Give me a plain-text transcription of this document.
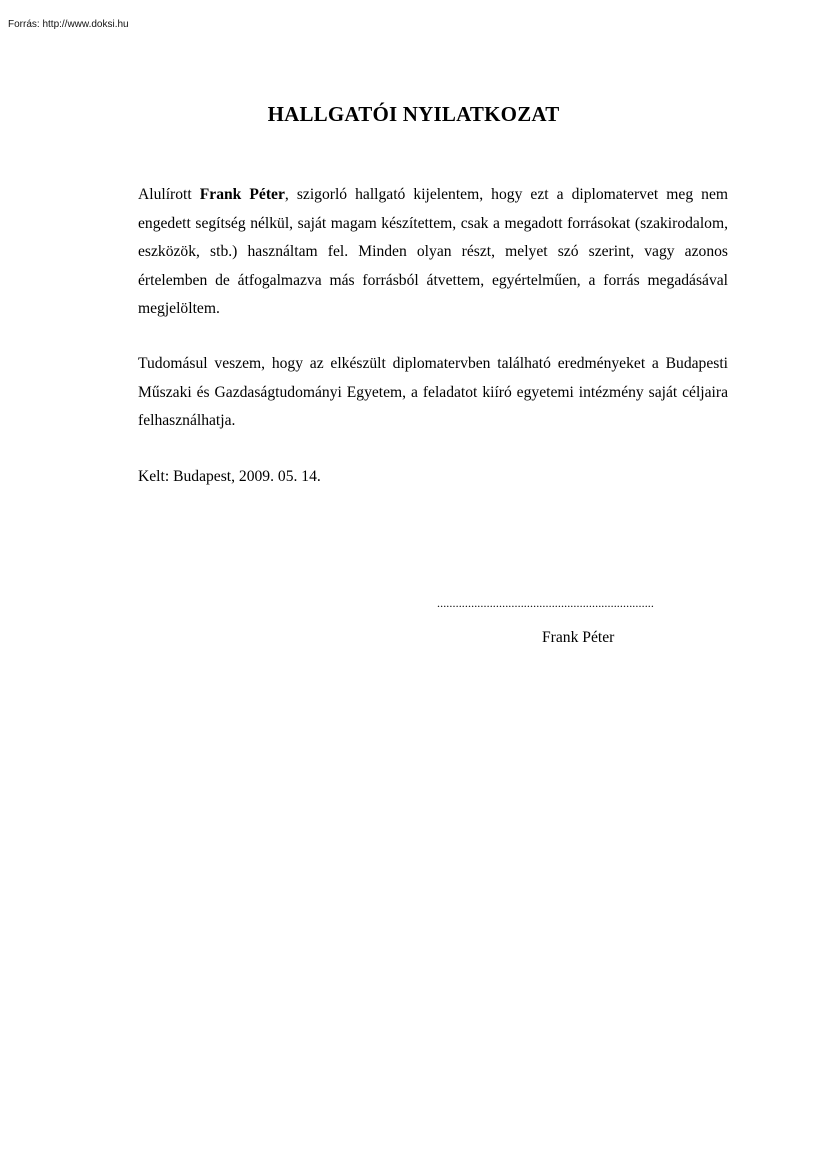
Forrás: http://www.doksi.hu
HALLGATÓI NYILATKOZAT
Alulírott Frank Péter, szigorló hallgató kijelentem, hogy ezt a diplomatervet meg nem engedett segítség nélkül, saját magam készítettem, csak a megadott forrásokat (szakirodalom, eszközök, stb.) használtam fel. Minden olyan részt, melyet szó szerint, vagy azonos értelemben de átfogalmazva más forrásból átvettem, egyértelműen, a forrás megadásával megjelöltem.
Tudomásul veszem, hogy az elkészült diplomatervben található eredményeket a Budapesti Műszaki és Gazdaságtudományi Egyetem, a feladatot kiíró egyetemi intézmény saját céljaira felhasználhatja.
Kelt: Budapest, 2009. 05. 14.
......................................................................
Frank Péter
